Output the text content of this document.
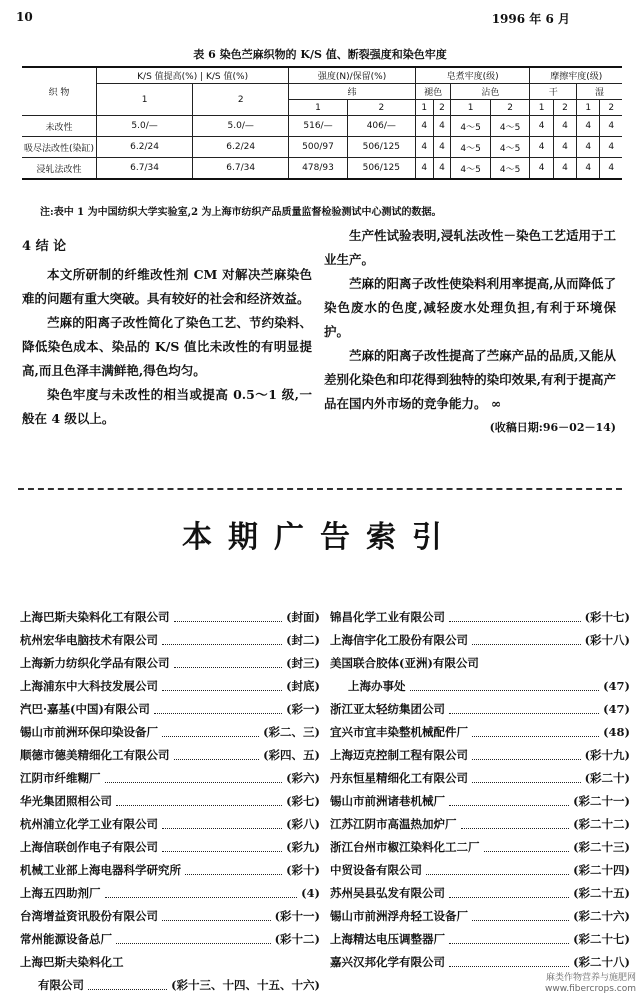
10	1996 年 6 月
表 6 染色苎麻织物的 K/S 值、断裂强度和染色牢度
织 物	K/S 值提高(%) | K/S 值(%)		强度(N)/保留(%)		皂煮牢度(级)				摩擦牢度(级)			
	1	2	纬		褪色		沾色		干		湿	
			1	2	1	2	1	2	1	2	1	2
未改性	5.0/—	5.0/—	516/—	406/—	4	4	4～5	4～5	4	4	4	4
吸尽法改性(染缸)	6.2/24	6.2/24	500/97	506/125	4	4	4～5	4～5	4	4	4	4
浸轧法改性	6.7/34	6.7/34	478/93	506/125	4	4	4～5	4～5	4	4	4	4
注:表中 1 为中国纺织大学实验室,2 为上海市纺织产品质量监督检验测试中心测试的数据。

4 结 论

本文所研制的纤维改性剂 CM 对解决苎麻染色难的问题有重大突破。具有较好的社会和经济效益。

苎麻的阳离子改性简化了染色工艺、节约染料、降低染色成本、染品的 K/S 值比未改性的有明显提高,而且色泽丰满鲜艳,得色均匀。

染色牢度与未改性的相当或提高 0.5～1 级,一般在 4 级以上。

生产性试验表明,浸轧法改性－染色工艺适用于工业生产。

苎麻的阳离子改性使染料利用率提高,从而降低了染色废水的色度,减轻废水处理负担,有利于环境保护。

苎麻的阳离子改性提高了苎麻产品的品质,又能从差别化染色和印花得到独特的染印效果,有利于提高产品在国内外市场的竞争能力。 ∞

(收稿日期:96－02－14)

本期广告索引
上海巴斯夫染料化工有限公司	(封面)
杭州宏华电脑技术有限公司	(封二)
上海新力纺织化学品有限公司	(封三)
上海浦东中大科技发展公司	(封底)
汽巴·嘉基(中国)有限公司	(彩一)
锡山市前洲环保印染设备厂	(彩二、三)
顺德市德美精细化工有限公司	(彩四、五)
江阴市纤维糊厂	(彩六)
华光集团照相公司	(彩七)
杭州浦立化学工业有限公司	(彩八)
上海信联创作电子有限公司	(彩九)
机械工业部上海电器科学研究所	(彩十)
上海五四助剂厂	(4)
台湾增益资讯股份有限公司	(彩十一)
常州能源设备总厂	(彩十二)
上海巴斯夫染料化工
有限公司	(彩十三、十四、十五、十六)
锦昌化学工业有限公司	(彩十七)
上海信宇化工股份有限公司	(彩十八)
美国联合胶体(亚洲)有限公司
上海办事处	(47)
浙江亚太轻纺集团公司	(47)
宜兴市宜丰染整机械配件厂	(48)
上海迈克控制工程有限公司	(彩十九)
丹东恒星精细化工有限公司	(彩二十)
锡山市前洲诸巷机械厂	(彩二十一)
江苏江阴市高温热加炉厂	(彩二十二)
浙江台州市椒江染料化工二厂	(彩二十三)
中贸设备有限公司	(彩二十四)
苏州吴县弘发有限公司	(彩二十五)
锡山市前洲浮舟轻工设备厂	(彩二十六)
上海精达电压调整器厂	(彩二十七)
嘉兴汉邦化学有限公司	(彩二十八)
麻类作物营养与施肥网
www.fibercrops.com
